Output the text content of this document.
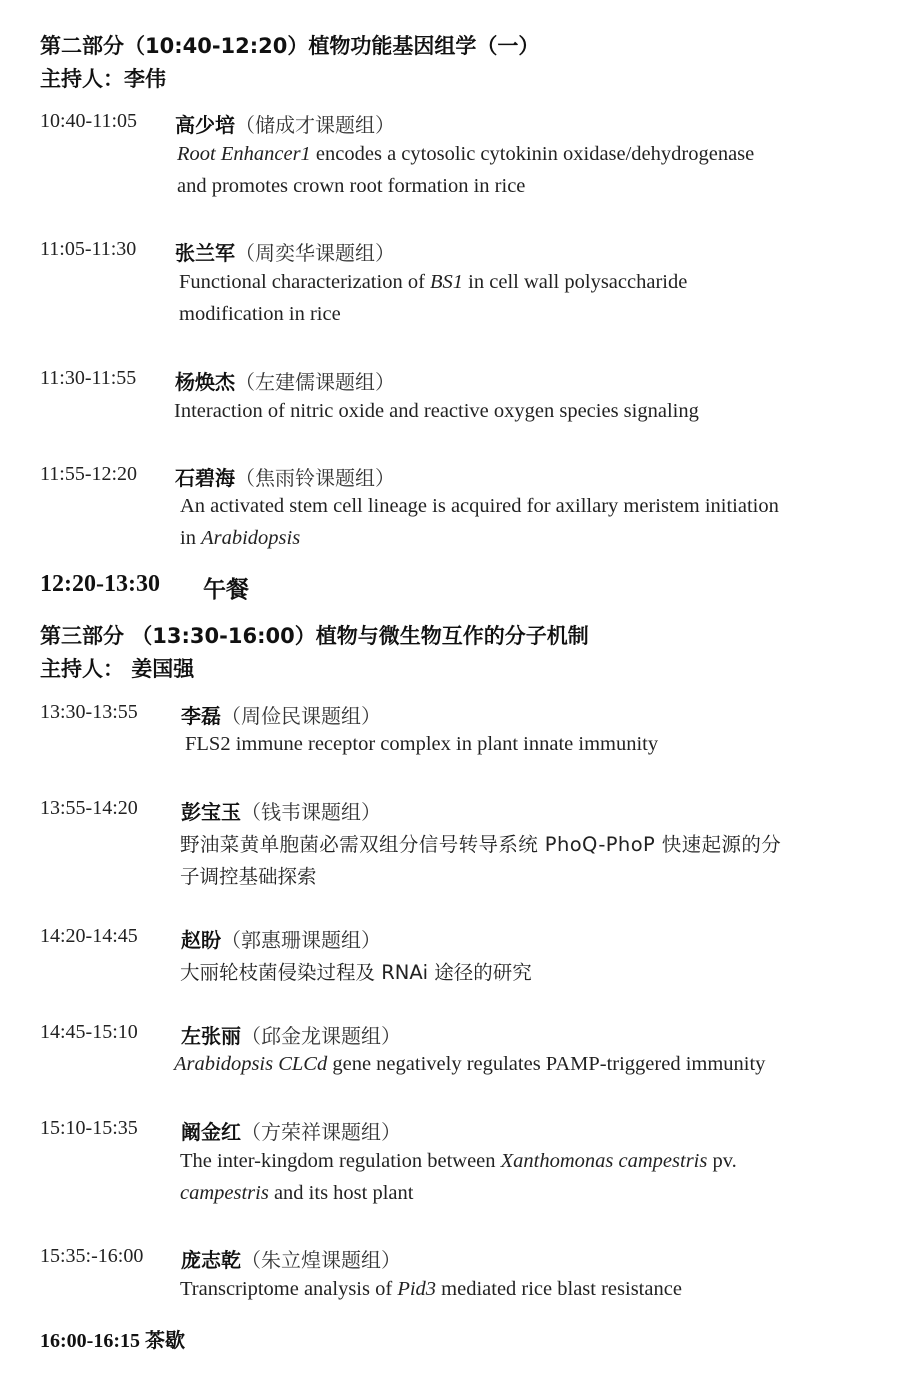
第二部分（10:40-12:20）植物功能基因组学（一）
主持人：李伟
10:40-11:05 高少培（储成才课题组）
Root Enhancer1 encodes a cytosolic cytokinin oxidase/dehydrogenase
and promotes crown root formation in rice
11:05-11:30 张兰军（周奕华课题组）
Functional characterization of BS1 in cell wall polysaccharide
modification in rice
11:30-11:55 杨焕杰（左建儒课题组）
Interaction of nitric oxide and reactive oxygen species signaling
11:55-12:20 石碧海（焦雨铃课题组）
An activated stem cell lineage is acquired for axillary meristem initiation
in Arabidopsis
12:20-13:30 午餐
第三部分 （13:30-16:00）植物与微生物互作的分子机制
主持人： 姜国强
13:30-13:55 李磊（周俭民课题组）
FLS2 immune receptor complex in plant innate immunity
13:55-14:20 彭宝玉（钱韦课题组）
野油菜黄单胞菌必需双组分信号转导系统 PhoQ-PhoP 快速起源的分
子调控基础探索
14:20-14:45 赵盼（郭惠珊课题组）
大丽轮枝菌侵染过程及 RNAi 途径的研究
14:45-15:10 左张丽（邱金龙课题组）
Arabidopsis CLCd gene negatively regulates PAMP-triggered immunity
15:10-15:35 阚金红（方荣祥课题组）
The inter-kingdom regulation between Xanthomonas campestris pv.
campestris and its host plant
15:35:-16:00 庞志乾（朱立煌课题组）
Transcriptome analysis of Pid3 mediated rice blast resistance
16:00-16:15 茶歇
